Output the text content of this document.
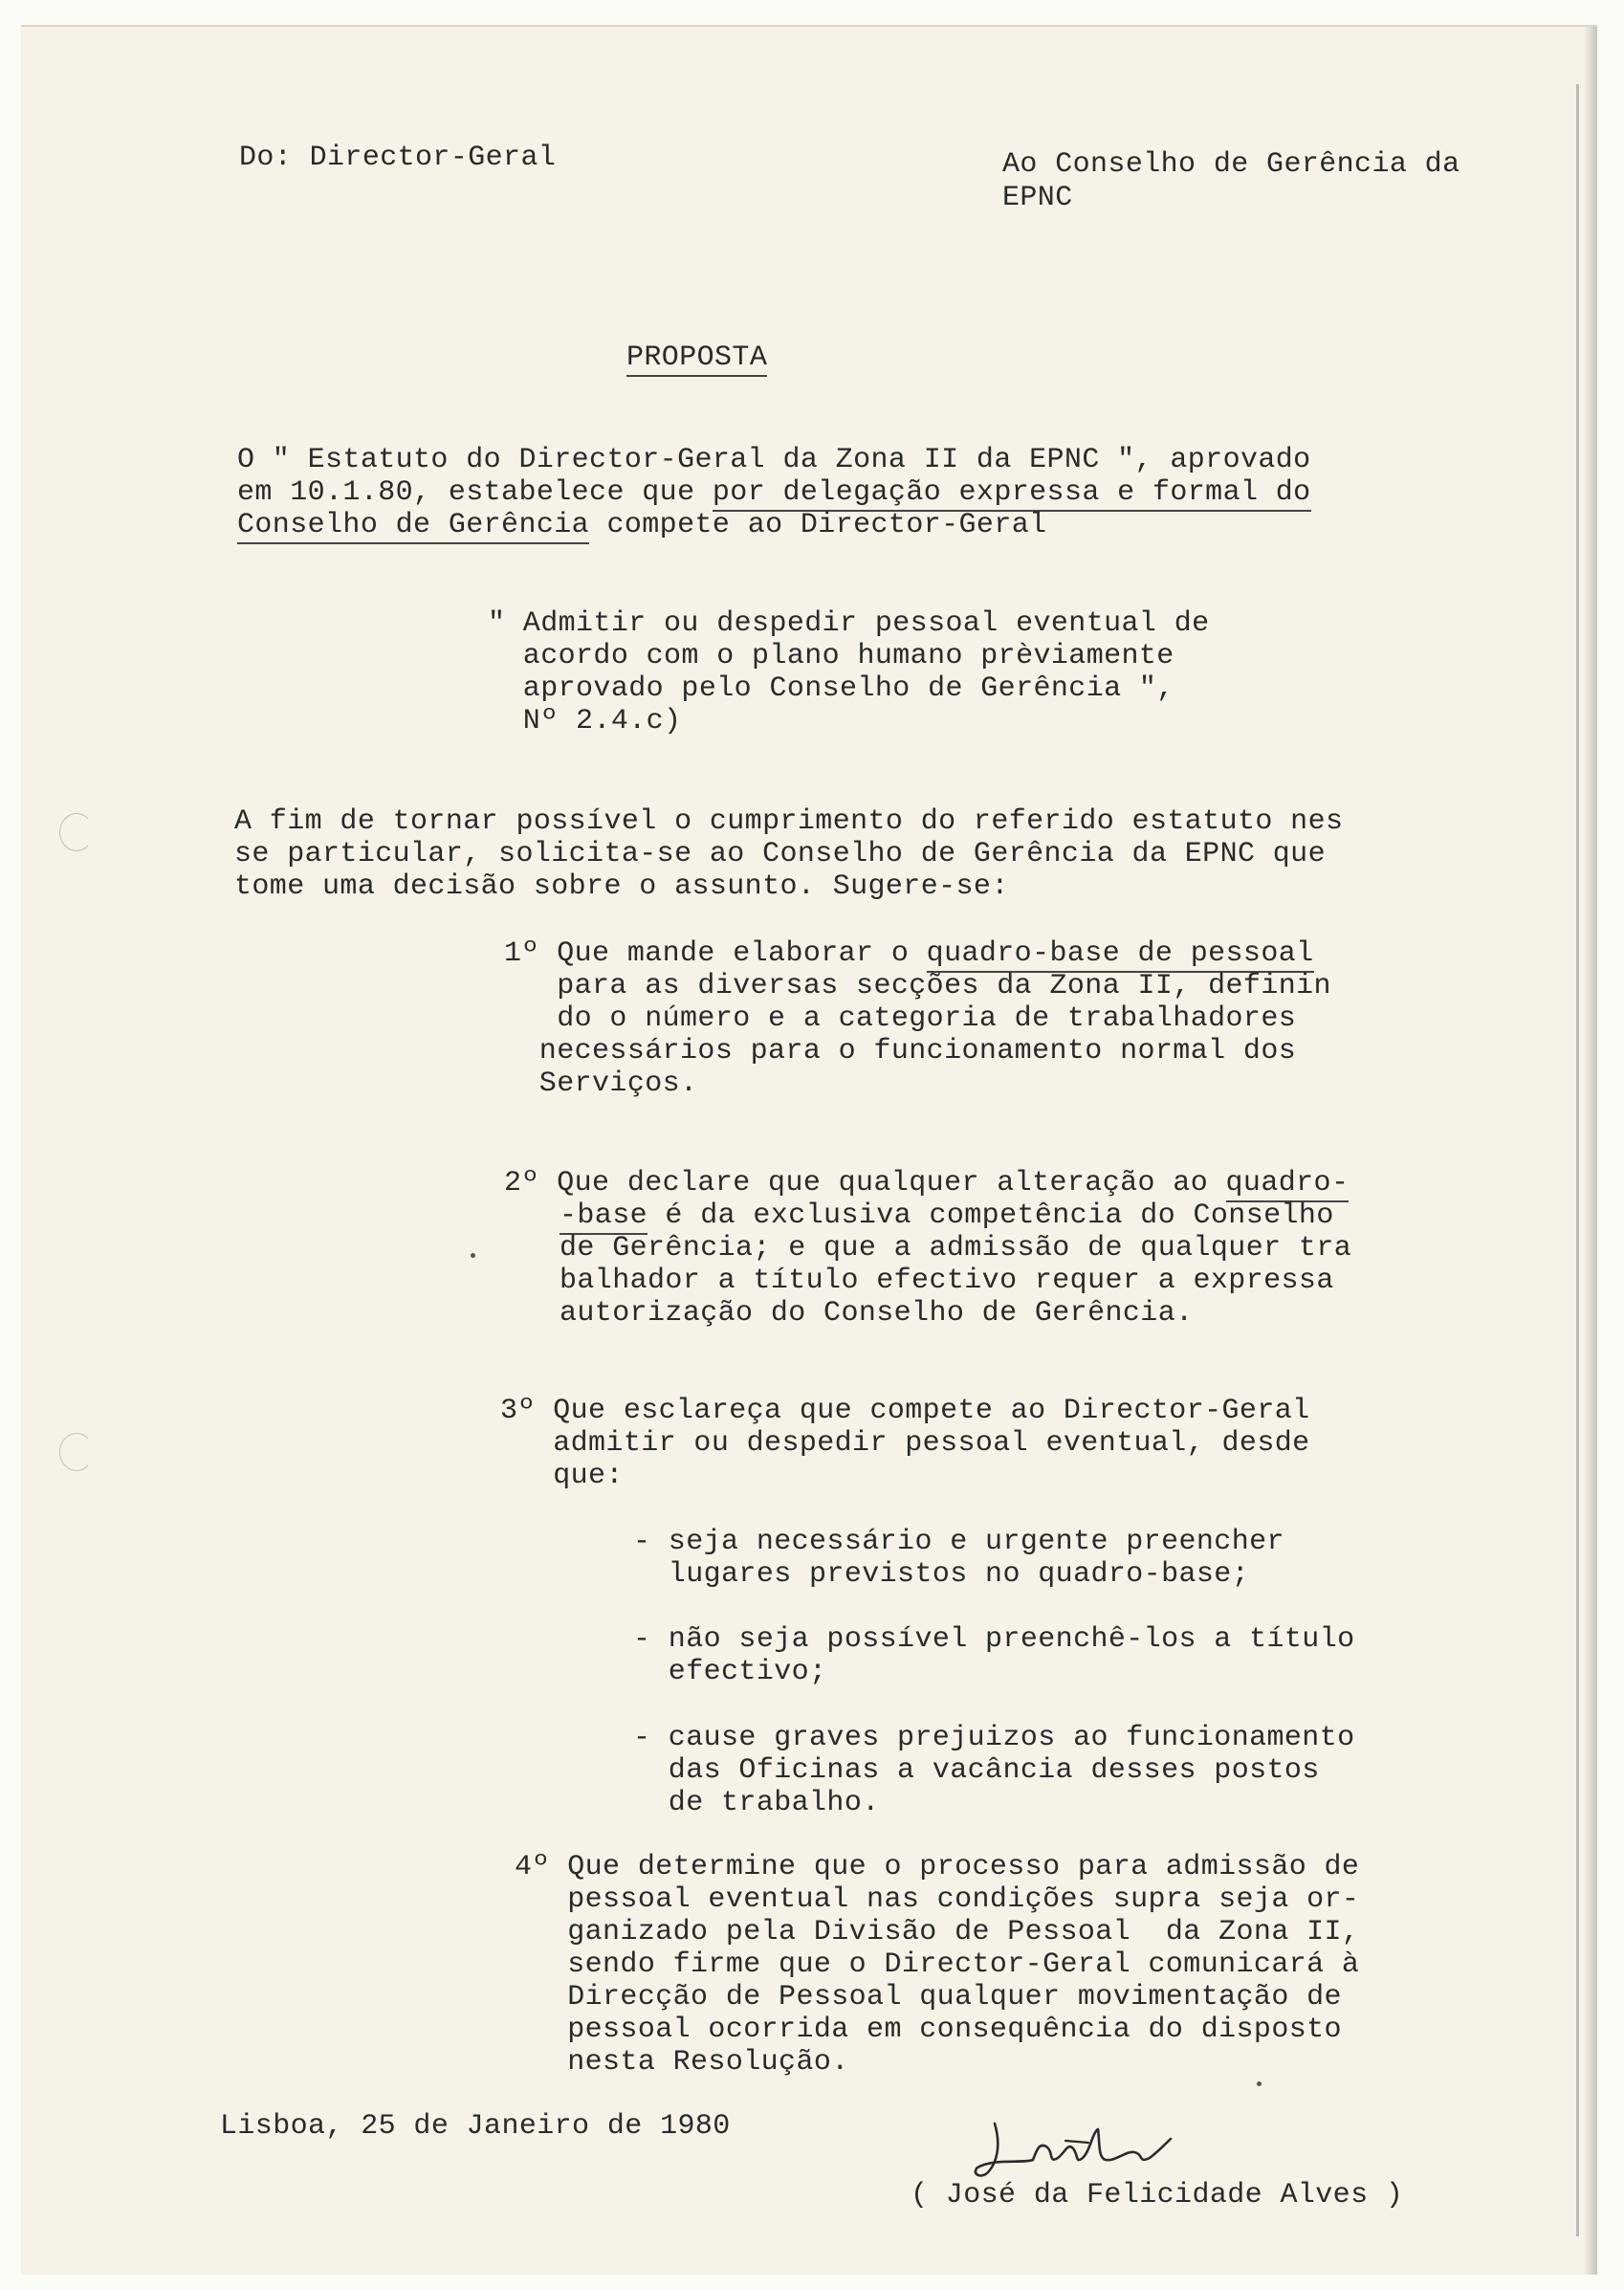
Do: Director-Geral	Ao Conselho de Gerência da
EPNC
PROPOSTA
O " Estatuto do Director-Geral da Zona II da EPNC ", aprovado
em 10.1.80, estabelece que por delegação expressa e formal do
Conselho de Gerência compete ao Director-Geral
" Admitir ou despedir pessoal eventual de
acordo com o plano humano prèviamente
aprovado pelo Conselho de Gerência ",
Nº 2.4.c)
A fim de tornar possível o cumprimento do referido estatuto nes
se particular, solicita-se ao Conselho de Gerência da EPNC que
tome uma decisão sobre o assunto. Sugere-se:
1º Que mande elaborar o quadro-base de pessoal
para as diversas secções da Zona II, definin
do o número e a categoria de trabalhadores
necessários para o funcionamento normal dos
Serviços.
2º Que declare que qualquer alteração ao quadro-
-base é da exclusiva competência do Conselho
de Gerência; e que a admissão de qualquer tra
balhador a título efectivo requer a expressa
autorização do Conselho de Gerência.
3º Que esclareça que compete ao Director-Geral
admitir ou despedir pessoal eventual, desde
que:
- seja necessário e urgente preencher
lugares previstos no quadro-base;
- não seja possível preenchê-los a título
efectivo;
- cause graves prejuizos ao funcionamento
das Oficinas a vacância desses postos
de trabalho.
4º Que determine que o processo para admissão de
pessoal eventual nas condições supra seja or-
ganizado pela Divisão de Pessoal  da Zona II,
sendo firme que o Director-Geral comunicará à
Direcção de Pessoal qualquer movimentação de
pessoal ocorrida em consequência do disposto
nesta Resolução.
Lisboa, 25 de Janeiro de 1980
( José da Felicidade Alves )
